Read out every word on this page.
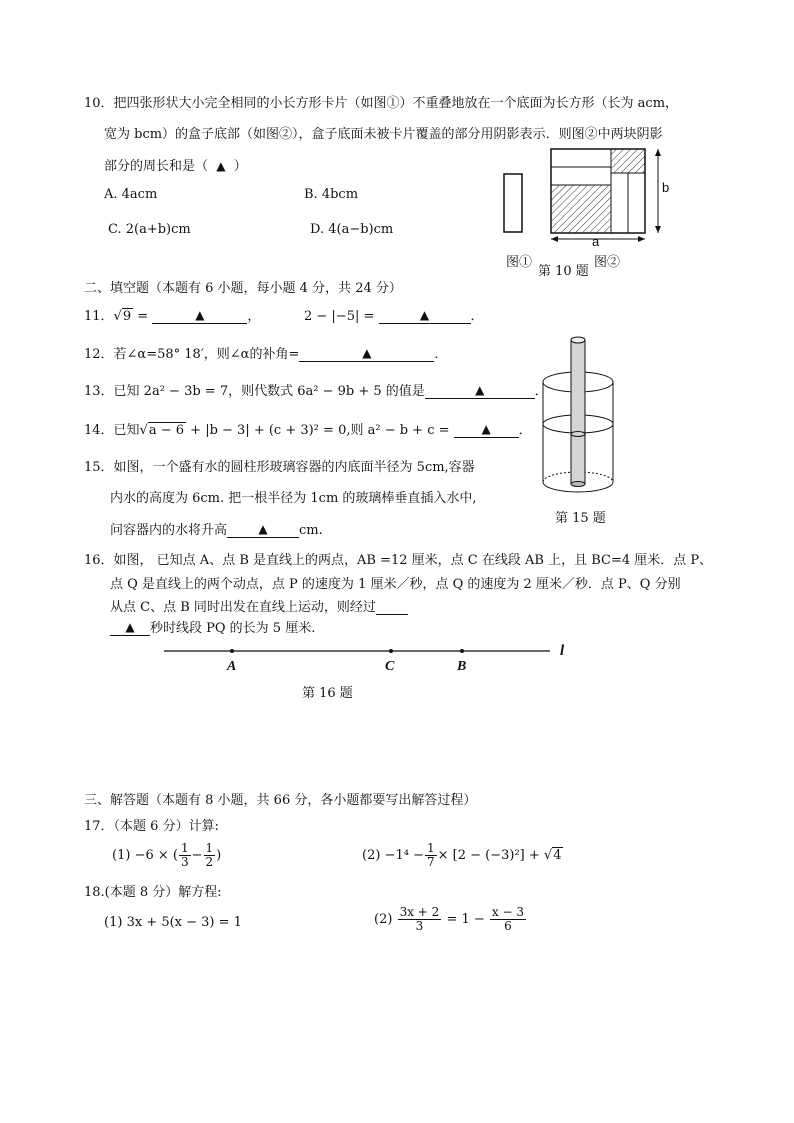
10．把四张形状大小完全相同的小长方形卡片（如图①）不重叠地放在一个底面为长方形（长为 acm，
宽为 bcm）的盒子底部（如图②），盒子底面未被卡片覆盖的部分用阴影表示．则图②中两块阴影
部分的周长和是（ ▲ ）
A. 4acm	B. 4bcm
C. 2(a+b)cm	D. 4(a−b)cm
b
a
图①
第 10 题
图②
二、填空题（本题有 6 小题，每小题 4 分，共 24 分）
11．√9 =	▲	，	2 − |−5| =	▲	．
12．若∠α=58° 18′，则∠α的补角=	▲	．
13．已知 2a² − 3b = 7，则代数式 6a² − 9b + 5 的值是	▲	．
14．已知√a − 6 + |b − 3| + (c + 3)² = 0,则 a² − b + c =	▲ ．
15．如图，一个盛有水的圆柱形玻璃容器的内底面半径为 5cm,容器
内水的高度为 6cm. 把一根半径为 1cm 的玻璃棒垂直插入水中,
问容器内的水将升高	▲ cm.
第 15 题
16．如图， 已知点 A、点 B 是直线上的两点，AB =12 厘米，点 C 在线段 AB 上，且 BC=4 厘米．点 P、
点 Q 是直线上的两个动点，点 P 的速度为 1 厘米／秒，点 Q 的速度为 2 厘米／秒．点 P、Q 分别
从点 C、点 B 同时出发在直线上运动，则经过
▲ 秒时线段 PQ 的长为 5 厘米.
A	C	B
l
第 16 题
三、解答题（本题有 8 小题，共 66 分，各小题都要写出解答过程）
17．（本题 6 分）计算:
(1) −6 × ( $\frac{1}{3} - \frac{1}{2}$ )	$(2) -1^4 - \frac{1}{7} \times [2 - (-3)^2] + √4$
18.(本题 8 分）解方程:
(1) 3x + 5(x − 3) = 1	$(2) \frac{3x + 2}{3} = 1 - \frac{x - 3}{6}$
